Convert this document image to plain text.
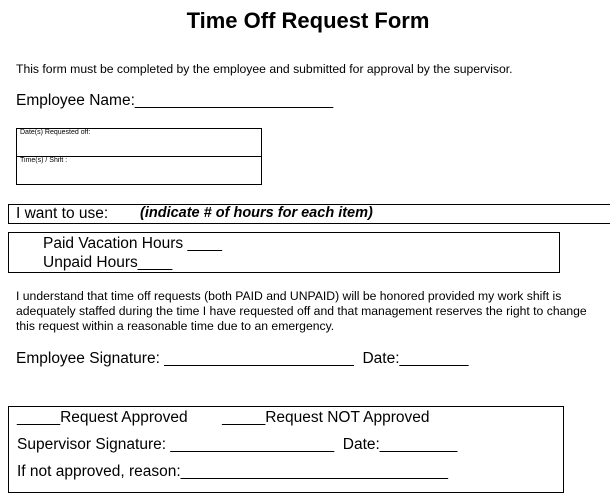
Time Off Request Form
This form must be completed by the employee and submitted for approval by the supervisor.
Employee Name:_______________________
Date(s) Requested off:
Time(s) / Shift :
I want to use: (indicate # of hours for each item)
Paid Vacation Hours ____
Unpaid Hours____
I understand that time off requests (both PAID and UNPAID) will be honored provided my work shift is adequately staffed during the time I have requested off and that management reserves the right to change this request within a reasonable time due to an emergency.
Employee Signature: ______________________  Date:________
_____Request Approved        _____Request NOT Approved
Supervisor Signature: ___________________  Date:_________
If not approved, reason:_______________________________
